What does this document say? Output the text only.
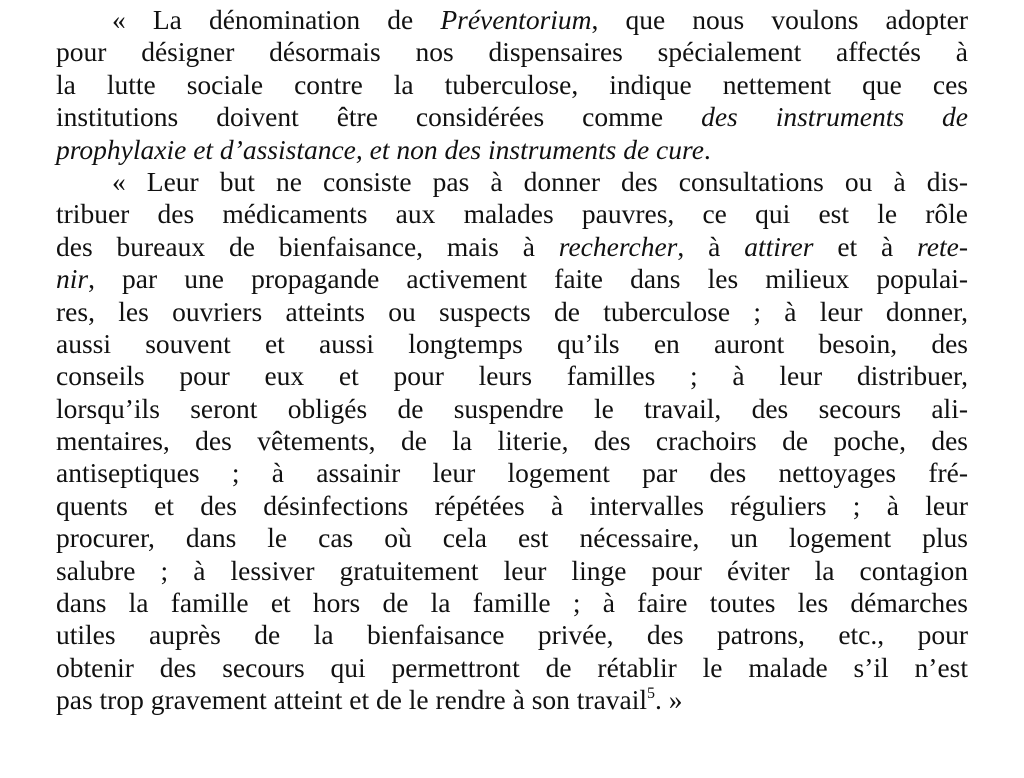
« La dénomination de Préventorium, que nous voulons adopter
pour désigner désormais nos dispensaires spécialement affectés à
la lutte sociale contre la tuberculose, indique nettement que ces
institutions doivent être considérées comme des instruments de
prophylaxie et d’assistance, et non des instruments de cure.
« Leur but ne consiste pas à donner des consultations ou à dis-
tribuer des médicaments aux malades pauvres, ce qui est le rôle
des bureaux de bienfaisance, mais à rechercher, à attirer et à rete-
nir, par une propagande activement faite dans les milieux populai-
res, les ouvriers atteints ou suspects de tuberculose ; à leur donner,
aussi souvent et aussi longtemps qu’ils en auront besoin, des
conseils pour eux et pour leurs familles ; à leur distribuer,
lorsqu’ils seront obligés de suspendre le travail, des secours ali-
mentaires, des vêtements, de la literie, des crachoirs de poche, des
antiseptiques ; à assainir leur logement par des nettoyages fré-
quents et des désinfections répétées à intervalles réguliers ; à leur
procurer, dans le cas où cela est nécessaire, un logement plus
salubre ; à lessiver gratuitement leur linge pour éviter la contagion
dans la famille et hors de la famille ; à faire toutes les démarches
utiles auprès de la bienfaisance privée, des patrons, etc., pour
obtenir des secours qui permettront de rétablir le malade s’il n’est
pas trop gravement atteint et de le rendre à son travail$^5$. »
